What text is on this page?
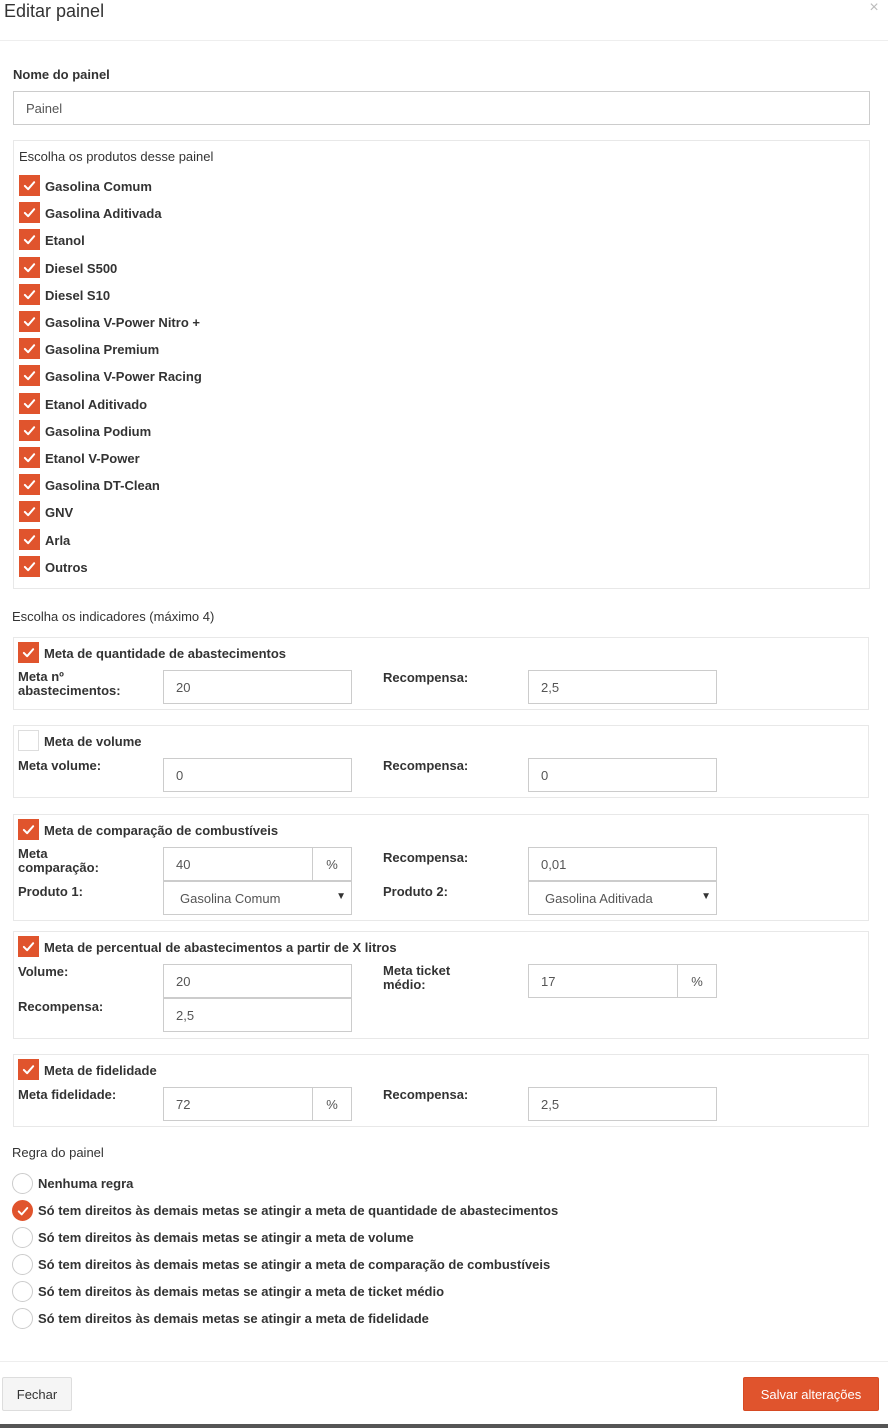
Editar painel	×
Nome do painel
Painel
Escolha os produtos desse painel
Gasolina Comum
Gasolina Aditivada
Etanol
Diesel S500
Diesel S10
Gasolina V-Power Nitro +
Gasolina Premium
Gasolina V-Power Racing
Etanol Aditivado
Gasolina Podium
Etanol V-Power
Gasolina DT-Clean
GNV
Arla
Outros
Escolha os indicadores (máximo 4)
Meta de quantidade de abastecimentos
Meta nº abastecimentos:	20
Recompensa:
2,5
Meta de volume
Meta volume:
0
Recompensa:
0
Meta de comparação de combustíveis
Meta comparação:	40	%	Recompensa:	0,01
Produto 1:	Gasolina Comum	▼	Produto 2:	Gasolina Aditivada	▼
Meta de percentual de abastecimentos a partir de X litros
Volume:
20
Meta ticket médio:	17	%
Recompensa:
2,5
Meta de fidelidade
Meta fidelidade:
72	%
Recompensa:
2,5
Regra do painel
Nenhuma regra
Só tem direitos às demais metas se atingir a meta de quantidade de abastecimentos
Só tem direitos às demais metas se atingir a meta de volume
Só tem direitos às demais metas se atingir a meta de comparação de combustíveis
Só tem direitos às demais metas se atingir a meta de ticket médio
Só tem direitos às demais metas se atingir a meta de fidelidade
Fechar	Salvar alterações
